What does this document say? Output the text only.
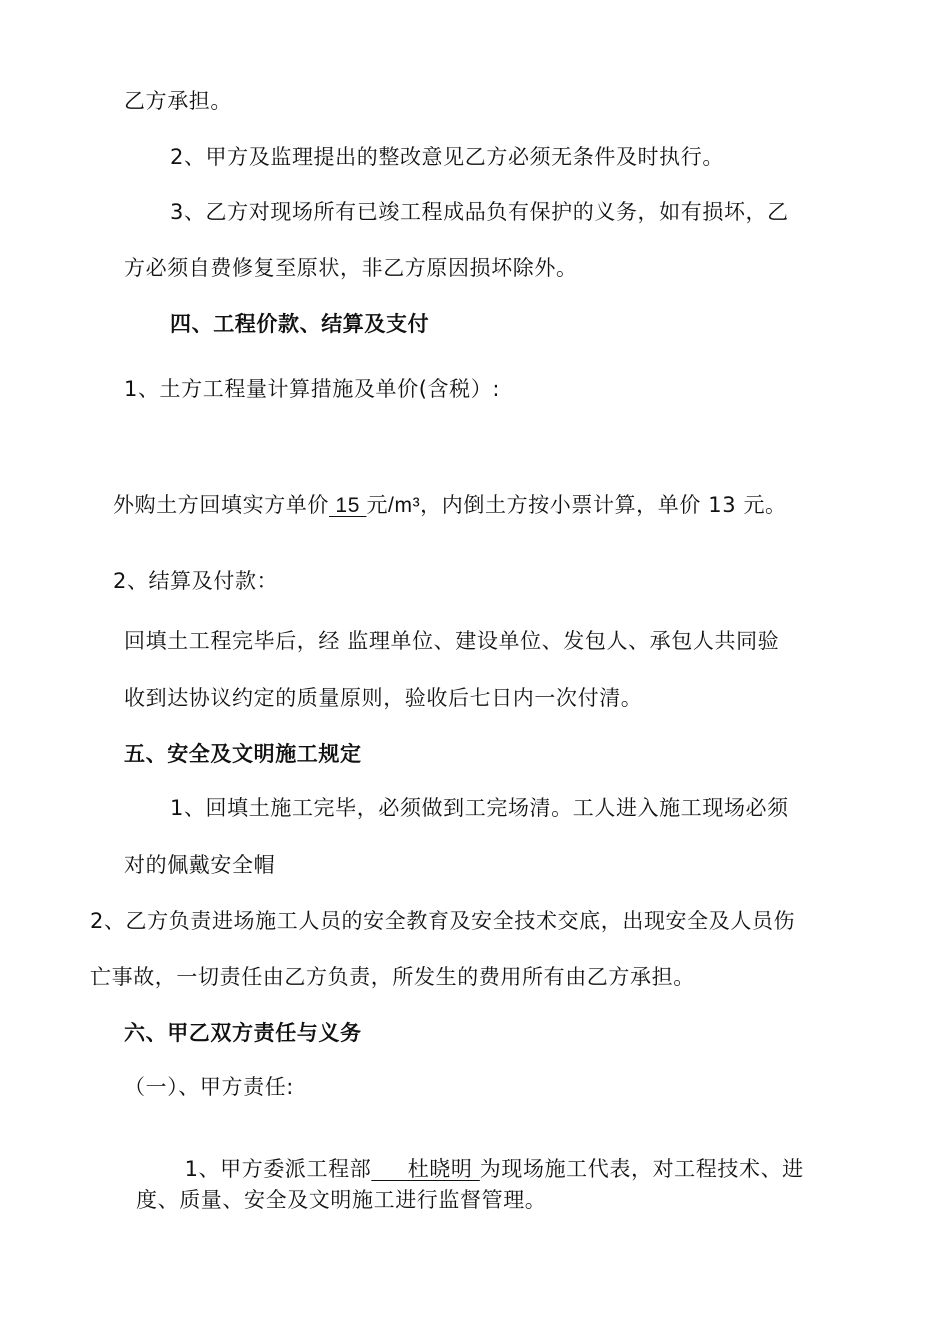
乙方承担。
2、甲方及监理提出的整改意见乙方必须无条件及时执行。
3、乙方对现场所有已竣工程成品负有保护的义务，如有损坏，乙
方必须自费修复至原状，非乙方原因损坏除外。
四、工程价款、结算及支付
1、土方工程量计算措施及单价(含税）:
外购土方回填实方单价 15 元/m³，内倒土方按小票计算，单价 13 元。
2、结算及付款：
回填土工程完毕后，经 监理单位、建设单位、发包人、承包人共同验
收到达协议约定的质量原则，验收后七日内一次付清。
五、安全及文明施工规定
1、回填土施工完毕，必须做到工完场清。工人进入施工现场必须
对的佩戴安全帽
2、乙方负责进场施工人员的安全教育及安全技术交底，出现安全及人员伤
亡事故，一切责任由乙方负责，所发生的费用所有由乙方承担。
六、甲乙双方责任与义务
（一）、甲方责任:

1、甲方委派工程部     杜晓明 为现场施工代表，对工程技术、进

度、质量、安全及文明施工进行监督管理。
